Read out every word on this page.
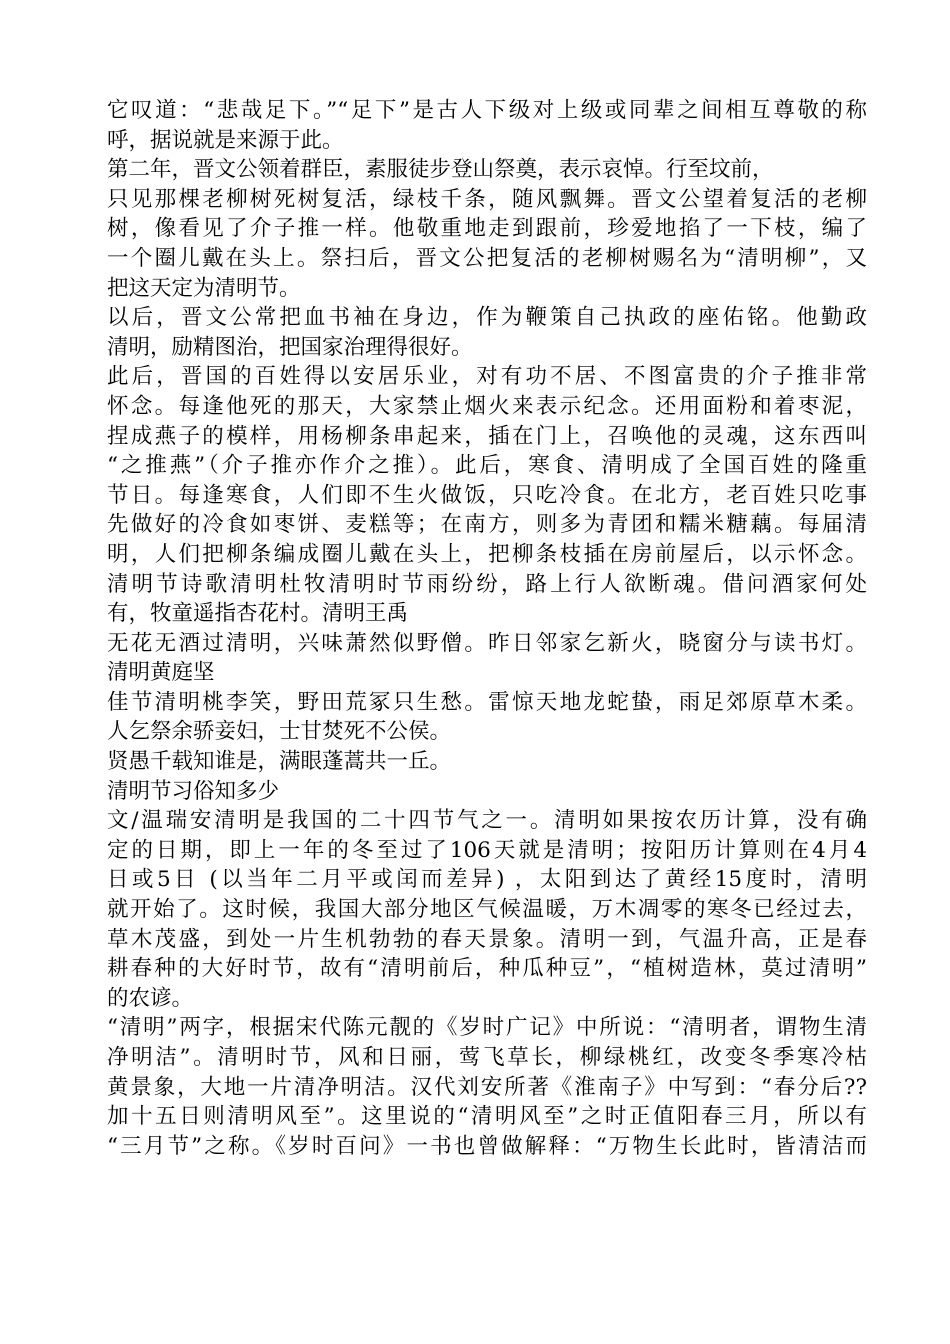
它叹道：“悲哉足下。”“足下”是古人下级对上级或同辈之间相互尊敬的称
呼，据说就是来源于此。
第二年，晋文公领着群臣，素服徒步登山祭奠，表示哀悼。行至坟前，
只见那棵老柳树死树复活，绿枝千条，随风飘舞。晋文公望着复活的老柳
树，像看见了介子推一样。他敬重地走到跟前，珍爱地掐了一下枝，编了
一个圈儿戴在头上。祭扫后，晋文公把复活的老柳树赐名为“清明柳”，又
把这天定为清明节。
以后，晋文公常把血书袖在身边，作为鞭策自己执政的座佑铭。他勤政
清明，励精图治，把国家治理得很好。
此后，晋国的百姓得以安居乐业，对有功不居、不图富贵的介子推非常
怀念。每逢他死的那天，大家禁止烟火来表示纪念。还用面粉和着枣泥，
捏成燕子的模样，用杨柳条串起来，插在门上，召唤他的灵魂，这东西叫
“之推燕”（介子推亦作介之推）。此后，寒食、清明成了全国百姓的隆重
节日。每逢寒食，人们即不生火做饭，只吃冷食。在北方，老百姓只吃事
先做好的冷食如枣饼、麦糕等；在南方，则多为青团和糯米糖藕。每届清
明，人们把柳条编成圈儿戴在头上，把柳条枝插在房前屋后，以示怀念。
清明节诗歌清明杜牧清明时节雨纷纷，路上行人欲断魂。借问酒家何处
有，牧童遥指杏花村。清明王禹
无花无酒过清明，兴味萧然似野僧。昨日邻家乞新火，晓窗分与读书灯。
清明黄庭坚
佳节清明桃李笑，野田荒冢只生愁。雷惊天地龙蛇蛰，雨足郊原草木柔。
人乞祭余骄妾妇，士甘焚死不公侯。
贤愚千载知谁是，满眼蓬蒿共一丘。
清明节习俗知多少
文/温瑞安清明是我国的二十四节气之一。清明如果按农历计算，没有确
定的日期，即上一年的冬至过了106天就是清明；按阳历计算则在4月4
日或5日 (以当年二月平或闰而差异) ，太阳到达了黄经15度时，清明
就开始了。这时候，我国大部分地区气候温暖，万木凋零的寒冬已经过去，
草木茂盛，到处一片生机勃勃的春天景象。清明一到，气温升高，正是春
耕春种的大好时节，故有“清明前后，种瓜种豆”，“植树造林，莫过清明”
的农谚。
“清明”两字，根据宋代陈元靓的《岁时广记》中所说：“清明者，谓物生清
净明洁”。清明时节，风和日丽，莺飞草长，柳绿桃红，改变冬季寒冷枯
黄景象，大地一片清净明洁。汉代刘安所著《淮南子》中写到：“春分后??
加十五日则清明风至”。这里说的“清明风至”之时正值阳春三月，所以有
“三月节”之称。《岁时百问》一书也曾做解释：“万物生长此时，皆清洁而
